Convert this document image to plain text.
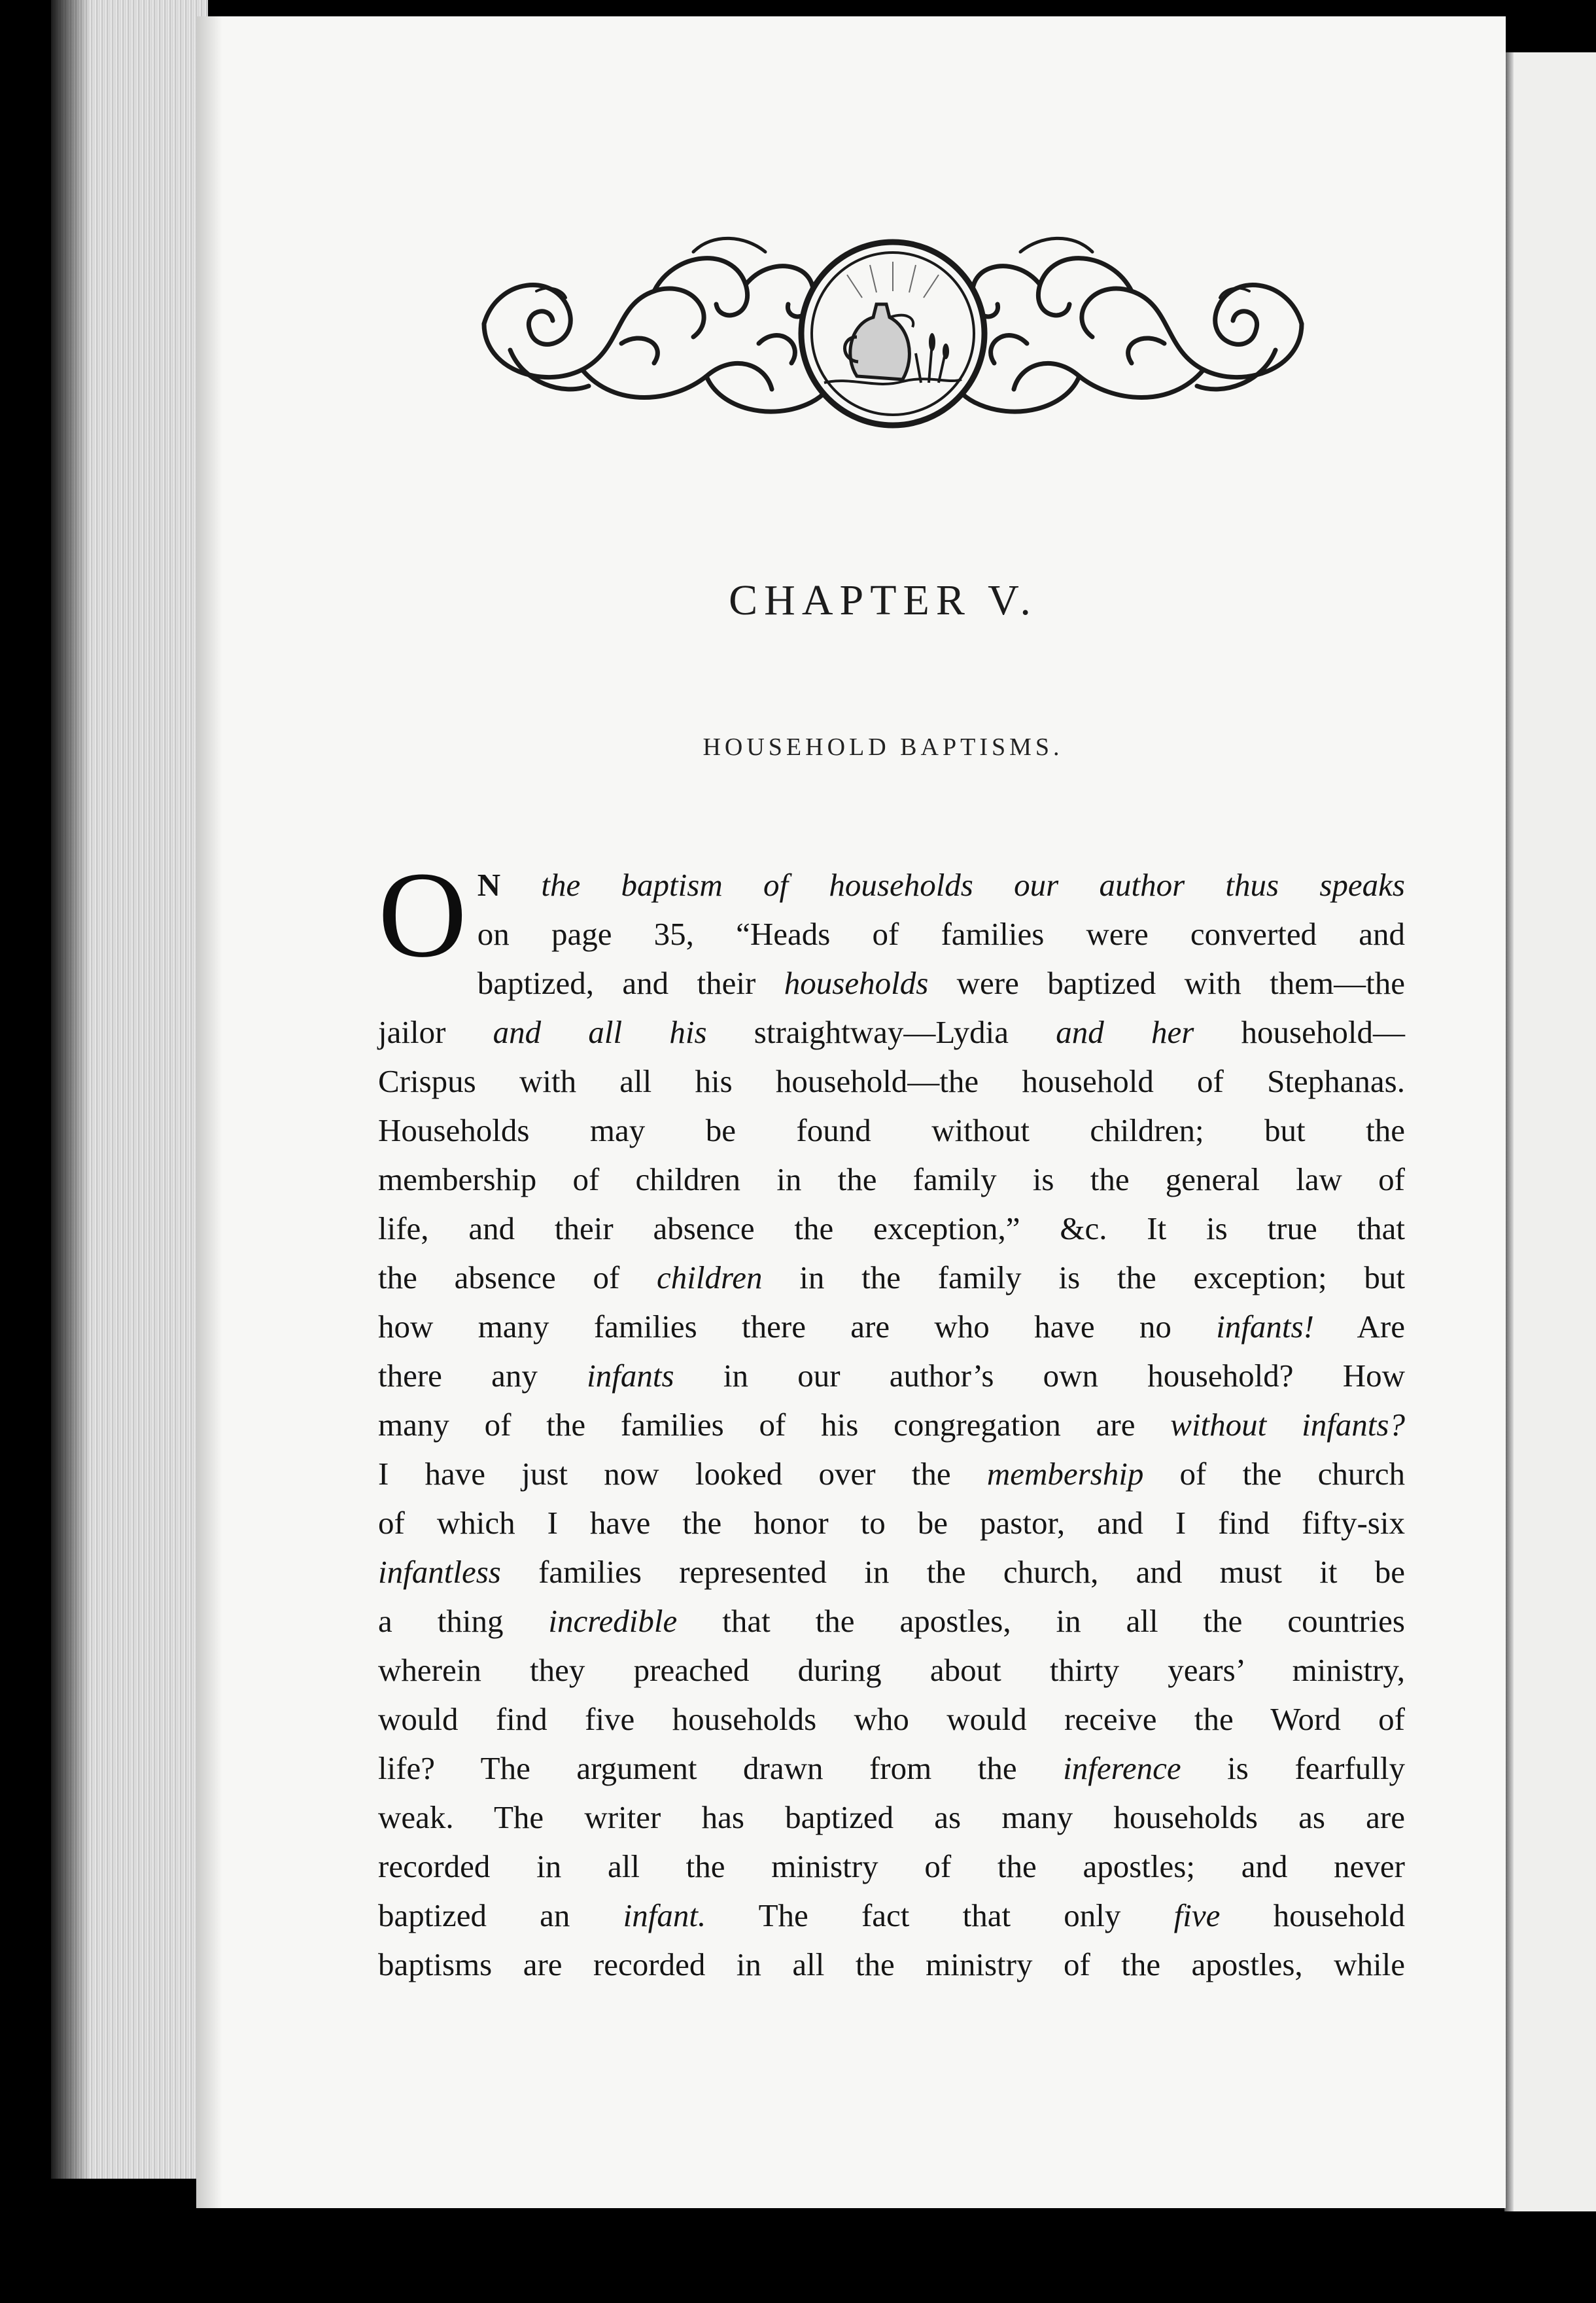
CHAPTER V.
HOUSEHOLD BAPTISMS.
O N the baptism of households our author thus speaks
on page 35, “Heads of families were converted and
baptized, and their households were baptized with them—the
jailor and all his straightway—Lydia and her household—
Crispus with all his household—the household of Stephanas.
Households may be found without children; but the
membership of children in the family is the general law of
life, and their absence the exception,” &c. It is true that
the absence of children in the family is the exception; but
how many families there are who have no infants! Are
there any infants in our author’s own household? How
many of the families of his congregation are without infants?
I have just now looked over the membership of the church
of which I have the honor to be pastor, and I find fifty-six
infantless families represented in the church, and must it be
a thing incredible that the apostles, in all the countries
wherein they preached during about thirty years’ ministry,
would find five households who would receive the Word of
life? The argument drawn from the inference is fearfully
weak. The writer has baptized as many households as are
recorded in all the ministry of the apostles; and never
baptized an infant. The fact that only five household
baptisms are recorded in all the ministry of the apostles, while
